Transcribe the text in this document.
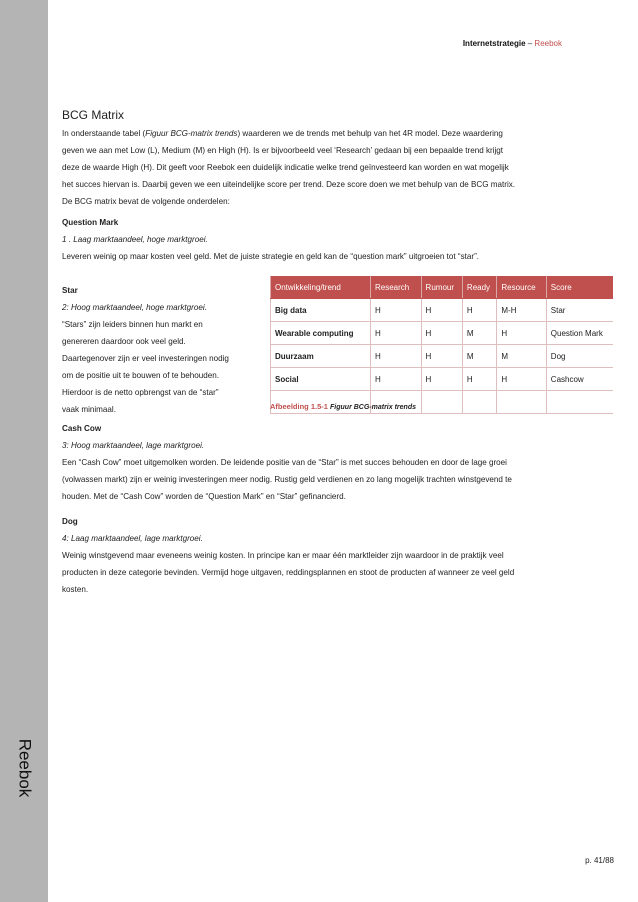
Reebok
Internetstrategie – Reebok
BCG Matrix
In onderstaande tabel (Figuur BCG-matrix trends) waarderen we de trends met behulp van het 4R model. Deze waardering
geven we aan met Low (L), Medium (M) en High (H). Is er bijvoorbeeld veel ‘Research’ gedaan bij een bepaalde trend krijgt
deze de waarde High (H). Dit geeft voor Reebok een duidelijk indicatie welke trend geïnvesteerd kan worden en wat mogelijk
het succes hiervan is. Daarbij geven we een uiteindelijke score per trend. Deze score doen we met behulp van de BCG matrix.
De BCG matrix bevat de volgende onderdelen:
Question Mark
1 . Laag marktaandeel, hoge marktgroei.
Leveren weinig op maar kosten veel geld. Met de juiste strategie en geld kan de “question mark” uitgroeien tot “star”.
Star
2: Hoog marktaandeel, hoge marktgroei.
“Stars” zijn leiders binnen hun markt en
genereren daardoor ook veel geld.
Daartegenover zijn er veel investeringen nodig
om de positie uit te bouwen of te behouden.
Hierdoor is de netto opbrengst van de “star”
vaak minimaal.
Ontwikkeling/trend	Research	Rumour	Ready	Resource	Score
Big data	H	H	H	M-H	Star
Wearable computing	H	H	M	H	Question Mark
Duurzaam	H	H	M	M	Dog
Social	H	H	H	H	Cashcow

Afbeelding 1.5-1 Figuur BCG-matrix trends
Cash Cow
3: Hoog marktaandeel, lage marktgroei.
Een “Cash Cow” moet uitgemolken worden. De leidende positie van de “Star” is met succes behouden en door de lage groei
(volwassen markt) zijn er weinig investeringen meer nodig. Rustig geld verdienen en zo lang mogelijk trachten winstgevend te
houden. Met de “Cash Cow” worden de “Question Mark” en “Star” gefinancierd.
Dog
4: Laag marktaandeel, lage marktgroei.
Weinig winstgevend maar eveneens weinig kosten. In principe kan er maar één marktleider zijn waardoor in de praktijk veel
producten in deze categorie bevinden. Vermijd hoge uitgaven, reddingsplannen en stoot de producten af wanneer ze veel geld
kosten.
p. 41/88
